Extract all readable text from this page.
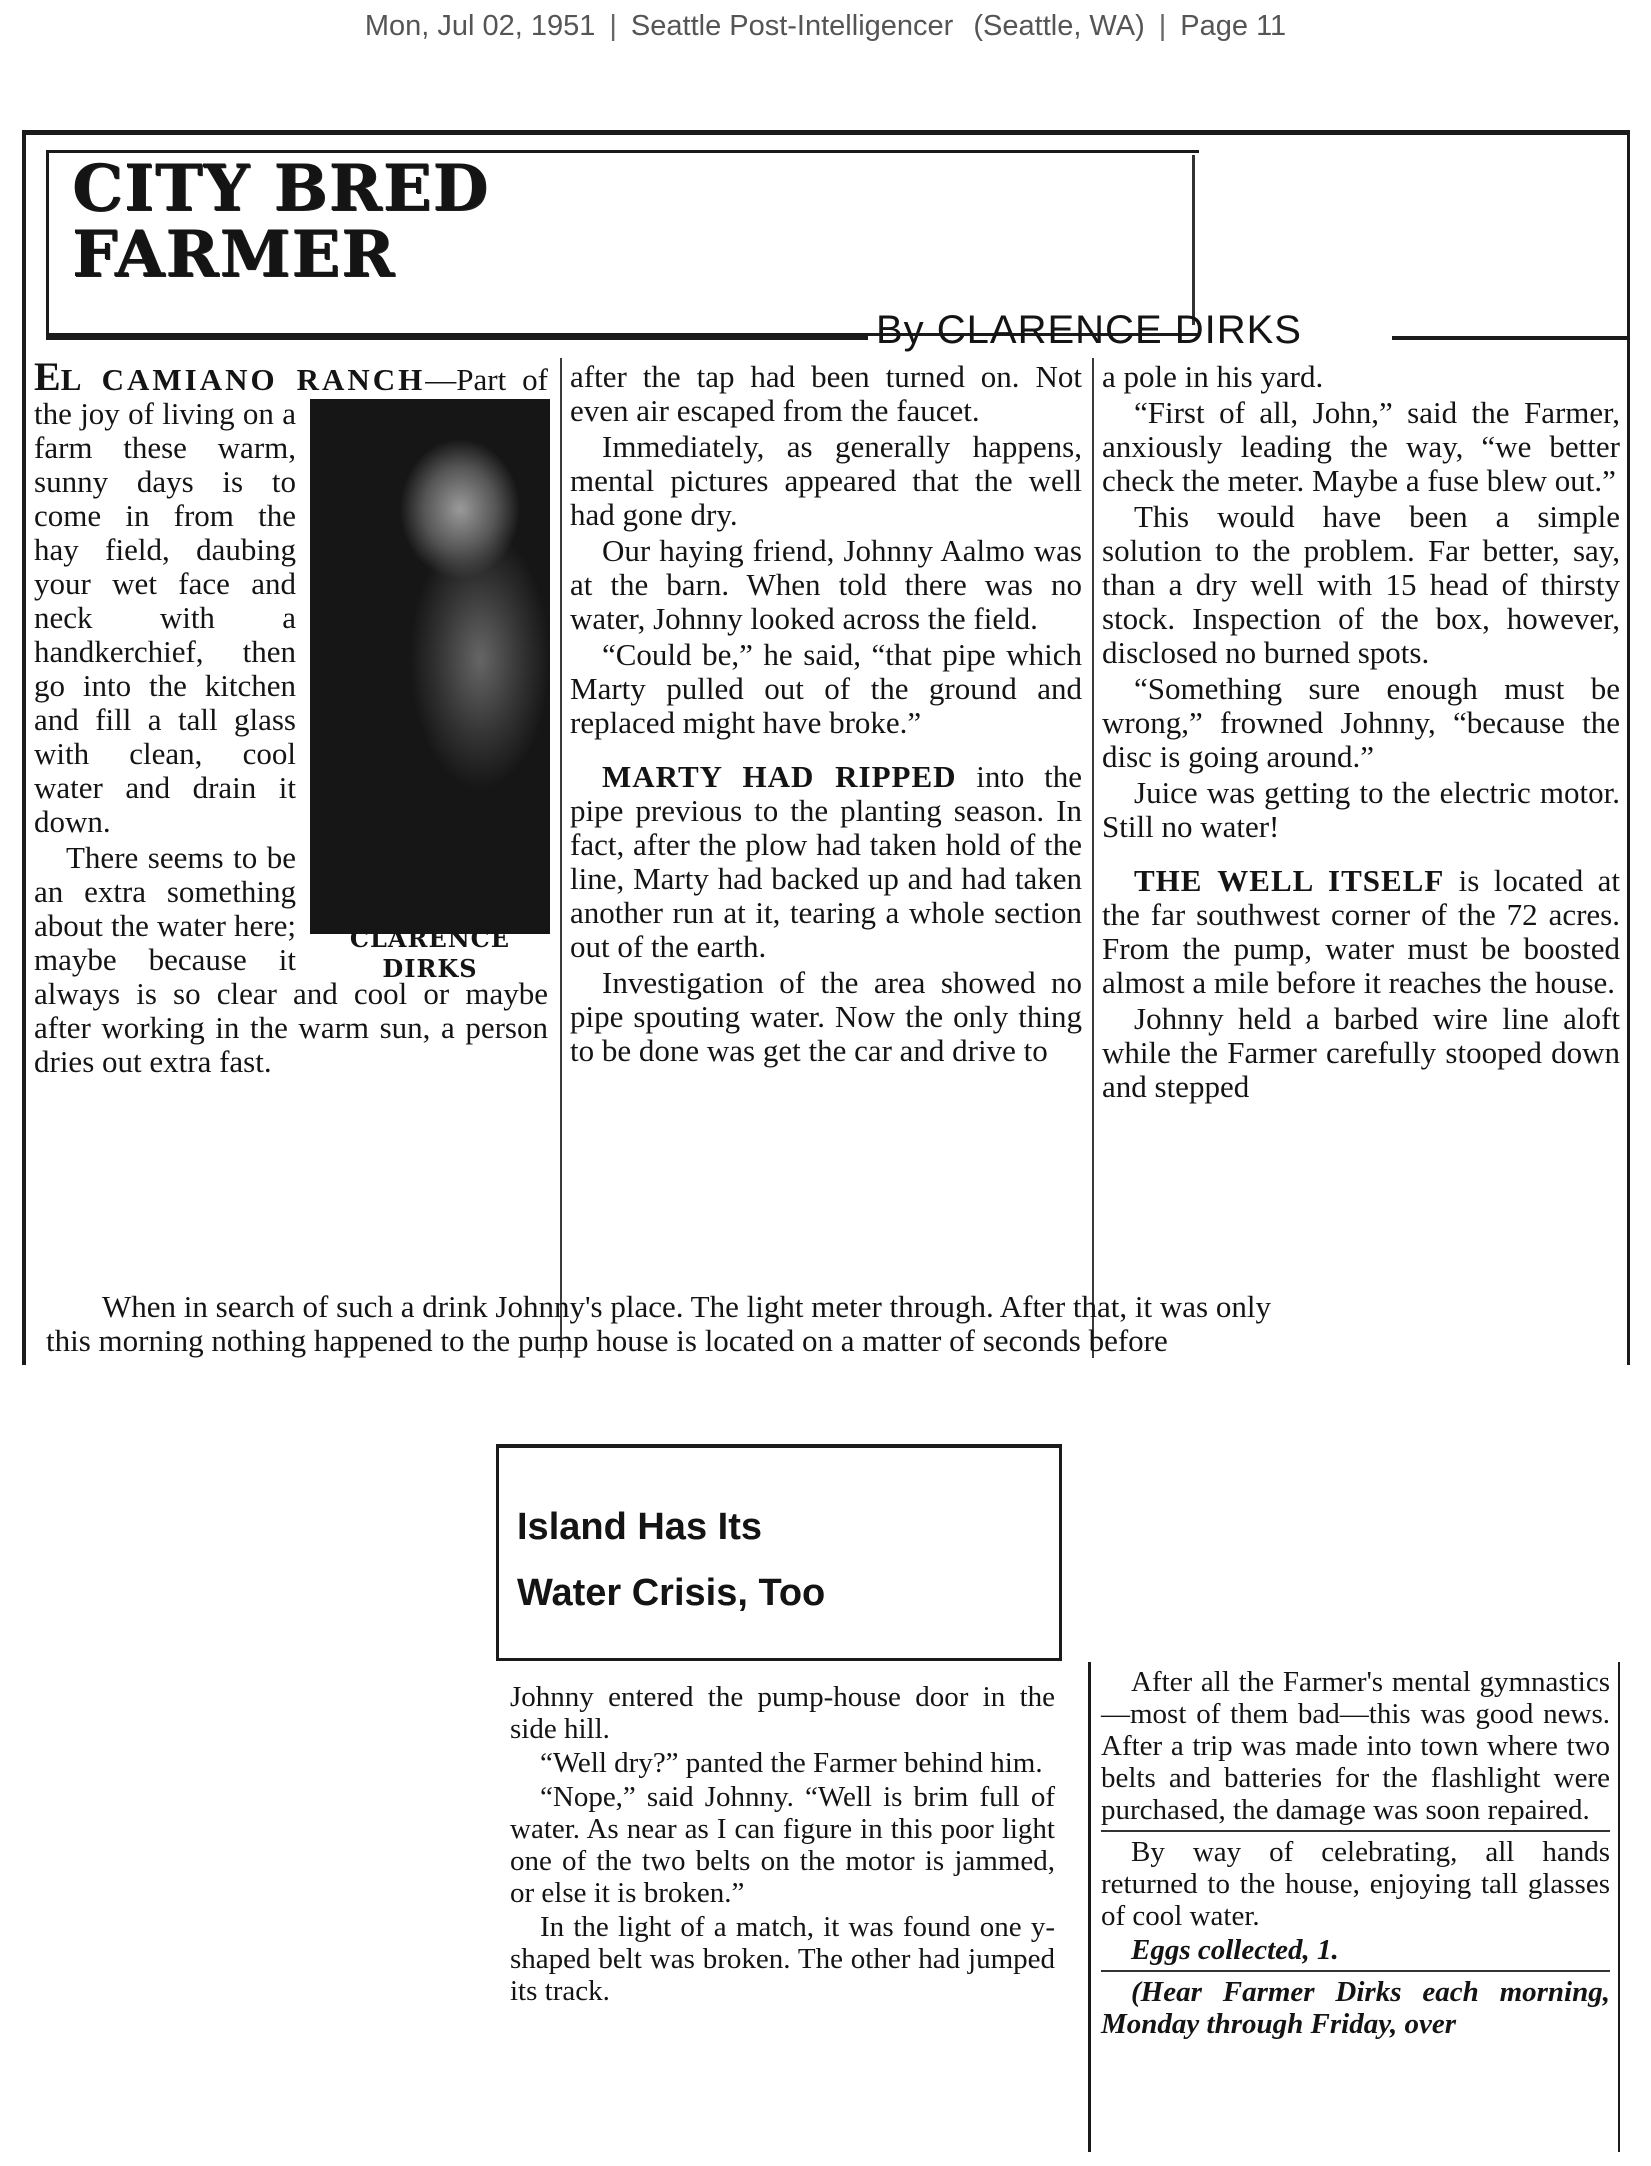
Mon, Jul 02, 1951 | Seattle Post-Intelligencer (Seattle, WA) | Page 11
CITY BRED
FARMER
By CLARENCE DIRKS

EL CAMIANO RANCH
CLARENCE
DIRKS
—Part of the joy of living on a farm these warm, sunny days is to come in from the hay field, daubing your wet face and neck with a handkerchief, then go into the kitchen and fill a tall glass with clean, cool water and drain it down.

There seems to be an extra something about the water here; maybe because it always is so clear and cool or maybe after working in the warm sun, a person dries out extra fast.

after the tap had been turned on. Not even air escaped from the faucet.

Immediately, as generally happens, mental pictures appeared that the well had gone dry.

Our haying friend, Johnny Aalmo was at the barn. When told there was no water, Johnny looked across the field.

“Could be,” he said, “that pipe which Marty pulled out of the ground and replaced might have broke.”

MARTY HAD RIPPED into the pipe previous to the planting season. In fact, after the plow had taken hold of the line, Marty had backed up and had taken another run at it, tearing a whole section out of the earth.

Investigation of the area showed no pipe spouting water. Now the only thing to be done was get the car and drive to

a pole in his yard.

“First of all, John,” said the Farmer, anxiously leading the way, “we better check the meter. Maybe a fuse blew out.”

This would have been a simple solution to the problem. Far better, say, than a dry well with 15 head of thirsty stock. Inspection of the box, however, disclosed no burned spots.

“Something sure enough must be wrong,” frowned Johnny, “because the disc is going around.”

Juice was getting to the electric motor. Still no water!

THE WELL ITSELF is located at the far southwest corner of the 72 acres. From the pump, water must be boosted almost a mile before it reaches the house.

Johnny held a barbed wire line aloft while the Farmer carefully stooped down and stepped

When in search of such a drink Johnny's place. The light meter through. After that, it was only
this morning nothing happened to the pump house is located on a matter of seconds before
Island Has Its
Water Crisis, Too

Johnny entered the pump-house door in the side hill.

“Well dry?” panted the Farmer behind him.

“Nope,” said Johnny. “Well is brim full of water. As near as I can figure in this poor light one of the two belts on the motor is jammed, or else it is broken.”

In the light of a match, it was found one y-shaped belt was broken. The other had jumped its track.

After all the Farmer's mental gymnastics—most of them bad—this was good news. After a trip was made into town where two belts and batteries for the flashlight were purchased, the damage was soon repaired.

By way of celebrating, all hands returned to the house, enjoying tall glasses of cool water.

Eggs collected, 1.

(Hear Farmer Dirks each morning, Monday through Friday, over
